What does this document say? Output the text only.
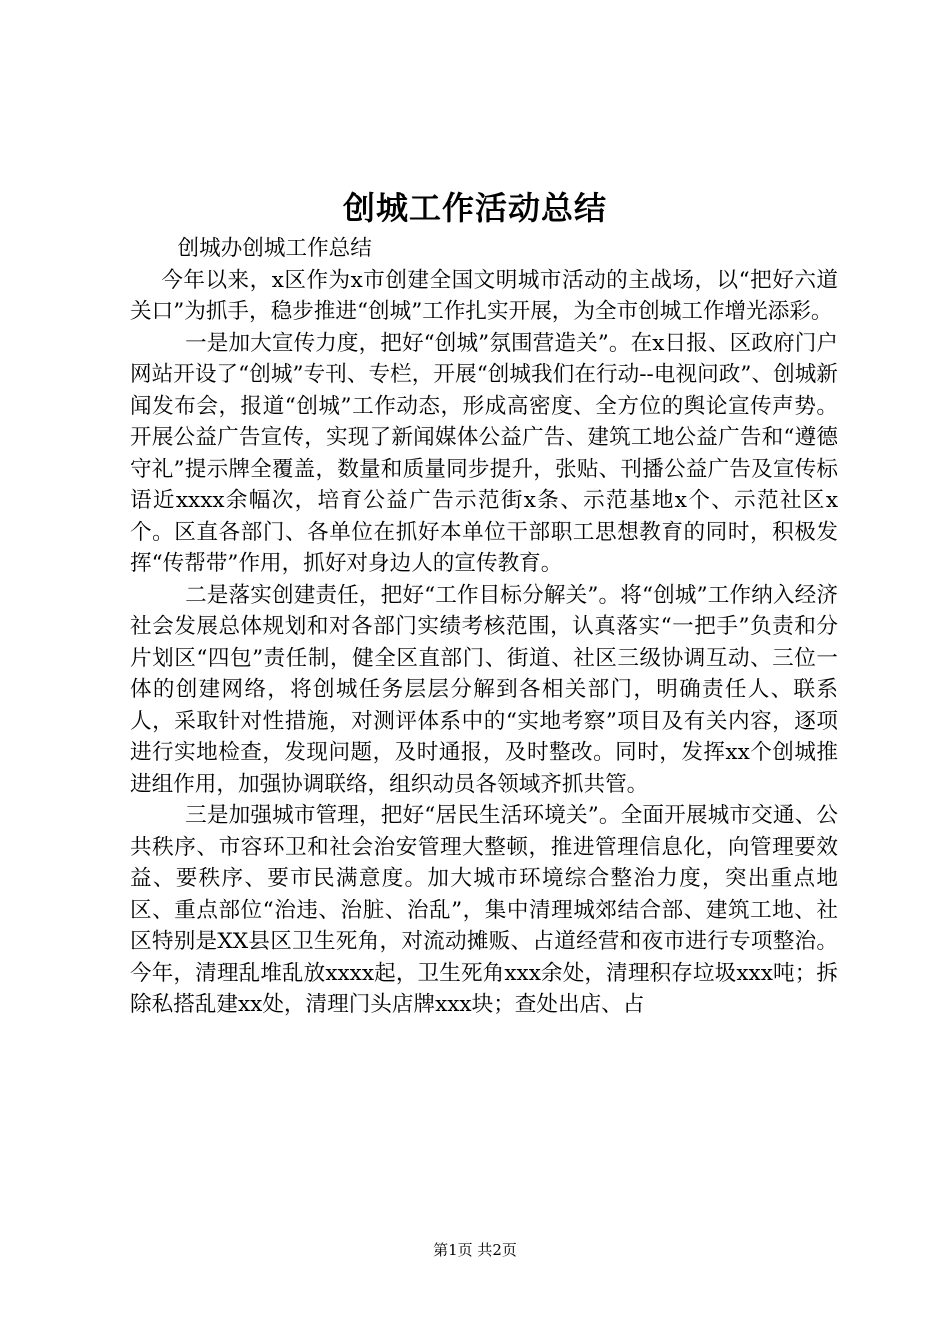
创城工作活动总结

创城办创城工作总结

今年以来，x区作为x市创建全国文明城市活动的主战场，以“把好六道关口”为抓手，稳步推进“创城”工作扎实开展，为全市创城工作增光添彩。

一是加大宣传力度，把好“创城”氛围营造关”。在x日报、区政府门户网站开设了“创城”专刊、专栏，开展“创城我们在行动--电视问政”、创城新闻发布会，报道“创城”工作动态，形成高密度、全方位的舆论宣传声势。开展公益广告宣传，实现了新闻媒体公益广告、建筑工地公益广告和“遵德守礼”提示牌全覆盖，数量和质量同步提升，张贴、刊播公益广告及宣传标语近xxxx余幅次，培育公益广告示范街x条、示范基地x个、示范社区x个。区直各部门、各单位在抓好本单位干部职工思想教育的同时，积极发挥“传帮带”作用，抓好对身边人的宣传教育。

二是落实创建责任，把好“工作目标分解关”。将“创城”工作纳入经济社会发展总体规划和对各部门实绩考核范围，认真落实“一把手”负责和分片划区“四包”责任制，健全区直部门、街道、社区三级协调互动、三位一体的创建网络，将创城任务层层分解到各相关部门，明确责任人、联系人，采取针对性措施，对测评体系中的“实地考察”项目及有关内容，逐项进行实地检查，发现问题，及时通报，及时整改。同时，发挥xx个创城推进组作用，加强协调联络，组织动员各领域齐抓共管。

三是加强城市管理，把好“居民生活环境关”。全面开展城市交通、公共秩序、市容环卫和社会治安管理大整顿，推进管理信息化，向管理要效益、要秩序、要市民满意度。加大城市环境综合整治力度，突出重点地区、重点部位“治违、治脏、治乱”，集中清理城郊结合部、建筑工地、社区特别是XX县区卫生死角，对流动摊贩、占道经营和夜市进行专项整治。今年，清理乱堆乱放xxxx起，卫生死角xxx余处，清理积存垃圾xxx吨；拆除私搭乱建xx处，清理门头店牌xxx块；查处出店、占

第1页 共2页
